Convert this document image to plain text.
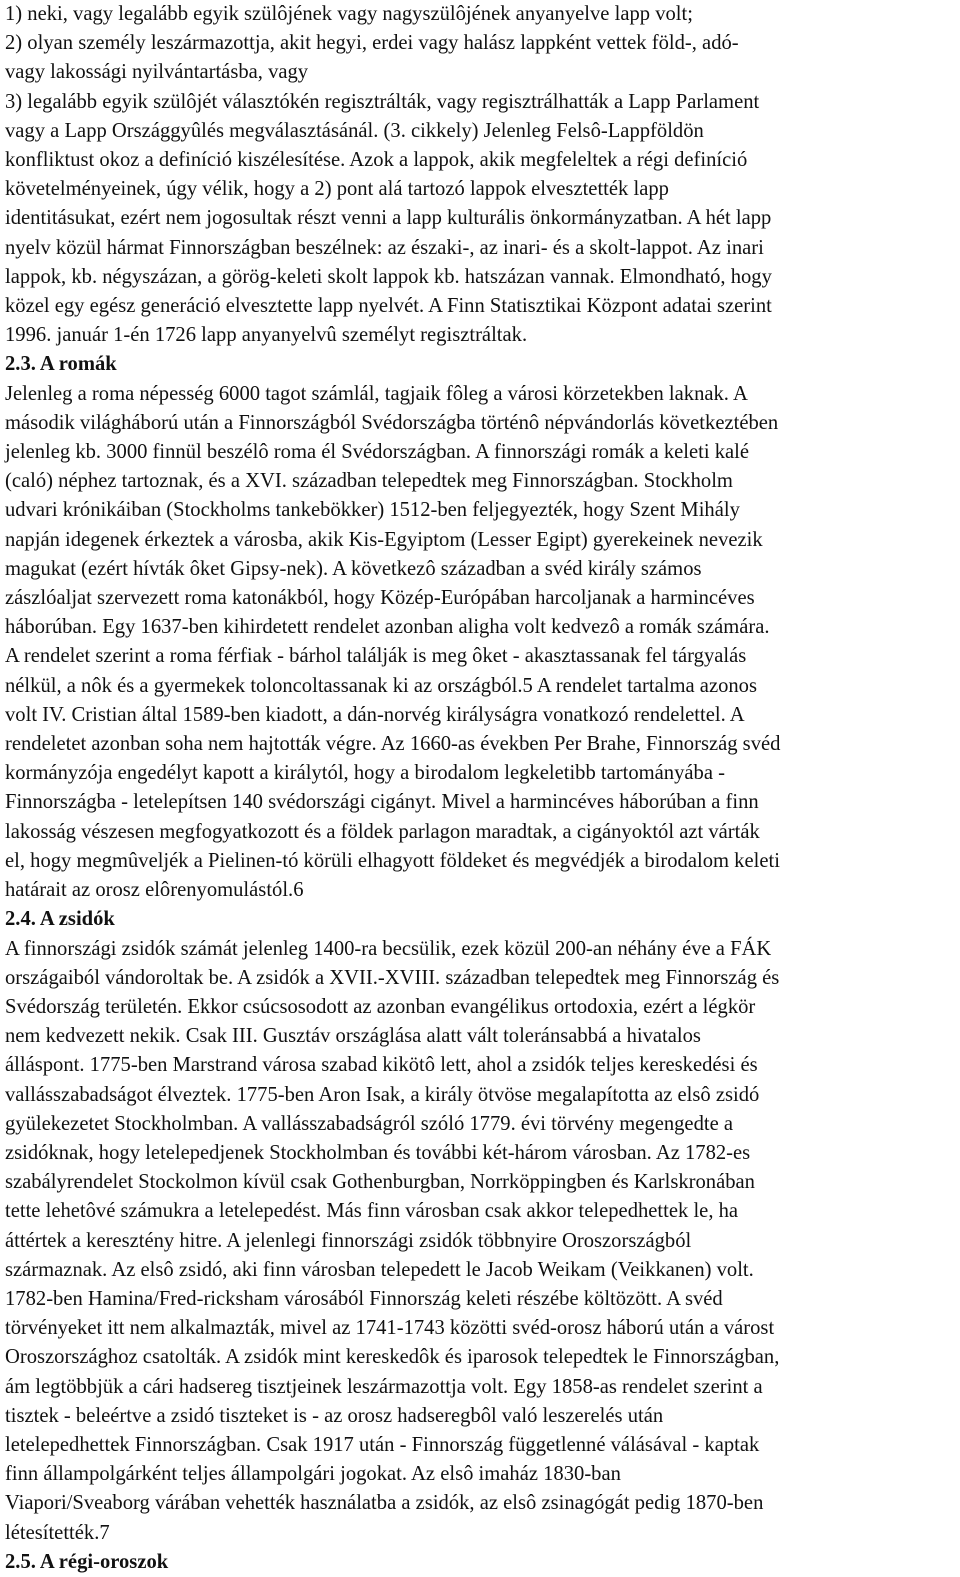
1) neki, vagy legalább egyik szülôjének vagy nagyszülôjének anyanyelve lapp volt;
2) olyan személy leszármazottja, akit hegyi, erdei vagy halász lappként vettek föld-, adó-
vagy lakossági nyilvántartásba, vagy
3) legalább egyik szülôjét választókén regisztrálták, vagy regisztrálhatták a Lapp Parlament
vagy a Lapp Országgyûlés megválasztásánál. (3. cikkely) Jelenleg Felsô-Lappföldön
konfliktust okoz a definíció kiszélesítése. Azok a lappok, akik megfeleltek a régi definíció
követelményeinek, úgy vélik, hogy a 2) pont alá tartozó lappok elvesztették lapp
identitásukat, ezért nem jogosultak részt venni a lapp kulturális önkormányzatban. A hét lapp
nyelv közül hármat Finnországban beszélnek: az északi-, az inari- és a skolt-lappot. Az inari
lappok, kb. négyszázan, a görög-keleti skolt lappok kb. hatszázan vannak. Elmondható, hogy
közel egy egész generáció elvesztette lapp nyelvét. A Finn Statisztikai Központ adatai szerint
1996. január 1-én 1726 lapp anyanyelvû személyt regisztráltak.

2.3. A romák

Jelenleg a roma népesség 6000 tagot számlál, tagjaik fôleg a városi körzetekben laknak. A
második világháború után a Finnországból Svédországba történô népvándorlás következtében
jelenleg kb. 3000 finnül beszélô roma él Svédországban. A finnországi romák a keleti kalé
(caló) néphez tartoznak, és a XVI. században telepedtek meg Finnországban. Stockholm
udvari krónikáiban (Stockholms tankebökker) 1512-ben feljegyezték, hogy Szent Mihály
napján idegenek érkeztek a városba, akik Kis-Egyiptom (Lesser Egipt) gyerekeinek nevezik
magukat (ezért hívták ôket Gipsy-nek). A következô században a svéd király számos
zászlóaljat szervezett roma katonákból, hogy Közép-Európában harcoljanak a harmincéves
háborúban. Egy 1637-ben kihirdetett rendelet azonban aligha volt kedvezô a romák számára.
A rendelet szerint a roma férfiak - bárhol találják is meg ôket - akasztassanak fel tárgyalás
nélkül, a nôk és a gyermekek toloncoltassanak ki az országból.5 A rendelet tartalma azonos
volt IV. Cristian által 1589-ben kiadott, a dán-norvég királyságra vonatkozó rendelettel. A
rendeletet azonban soha nem hajtották végre. Az 1660-as években Per Brahe, Finnország svéd
kormányzója engedélyt kapott a királytól, hogy a birodalom legkeletibb tartományába -
Finnországba - letelepítsen 140 svédországi cigányt. Mivel a harmincéves háborúban a finn
lakosság vészesen megfogyatkozott és a földek parlagon maradtak, a cigányoktól azt várták
el, hogy megmûveljék a Pielinen-tó körüli elhagyott földeket és megvédjék a birodalom keleti
határait az orosz elôrenyomulástól.6

2.4. A zsidók

A finnországi zsidók számát jelenleg 1400-ra becsülik, ezek közül 200-an néhány éve a FÁK
országaiból vándoroltak be. A zsidók a XVII.-XVIII. században telepedtek meg Finnország és
Svédország területén. Ekkor csúcsosodott az azonban evangélikus ortodoxia, ezért a légkör
nem kedvezett nekik. Csak III. Gusztáv országlása alatt vált toleránsabbá a hivatalos
álláspont. 1775-ben Marstrand városa szabad kikötô lett, ahol a zsidók teljes kereskedési és
vallásszabadságot élveztek. 1775-ben Aron Isak, a király ötvöse megalapította az elsô zsidó
gyülekezetet Stockholmban. A vallásszabadságról szóló 1779. évi törvény megengedte a
zsidóknak, hogy letelepedjenek Stockholmban és további két-három városban. Az 1782-es
szabályrendelet Stockolmon kívül csak Gothenburgban, Norrköppingben és Karlskronában
tette lehetôvé számukra a letelepedést. Más finn városban csak akkor telepedhettek le, ha
áttértek a keresztény hitre. A jelenlegi finnországi zsidók többnyire Oroszországból
származnak. Az elsô zsidó, aki finn városban telepedett le Jacob Weikam (Veikkanen) volt.
1782-ben Hamina/Fred-ricksham városából Finnország keleti részébe költözött. A svéd
törvényeket itt nem alkalmazták, mivel az 1741-1743 közötti svéd-orosz háború után a várost
Oroszországhoz csatolták. A zsidók mint kereskedôk és iparosok telepedtek le Finnországban,
ám legtöbbjük a cári hadsereg tisztjeinek leszármazottja volt. Egy 1858-as rendelet szerint a
tisztek - beleértve a zsidó tiszteket is - az orosz hadseregbôl való leszerelés után
letelepedhettek Finnországban. Csak 1917 után - Finnország függetlenné válásával - kaptak
finn állampolgárként teljes állampolgári jogokat. Az elsô imaház 1830-ban
Viapori/Sveaborg várában vehették használatba a zsidók, az elsô zsinagógát pedig 1870-ben
létesítették.7

2.5. A régi-oroszok
